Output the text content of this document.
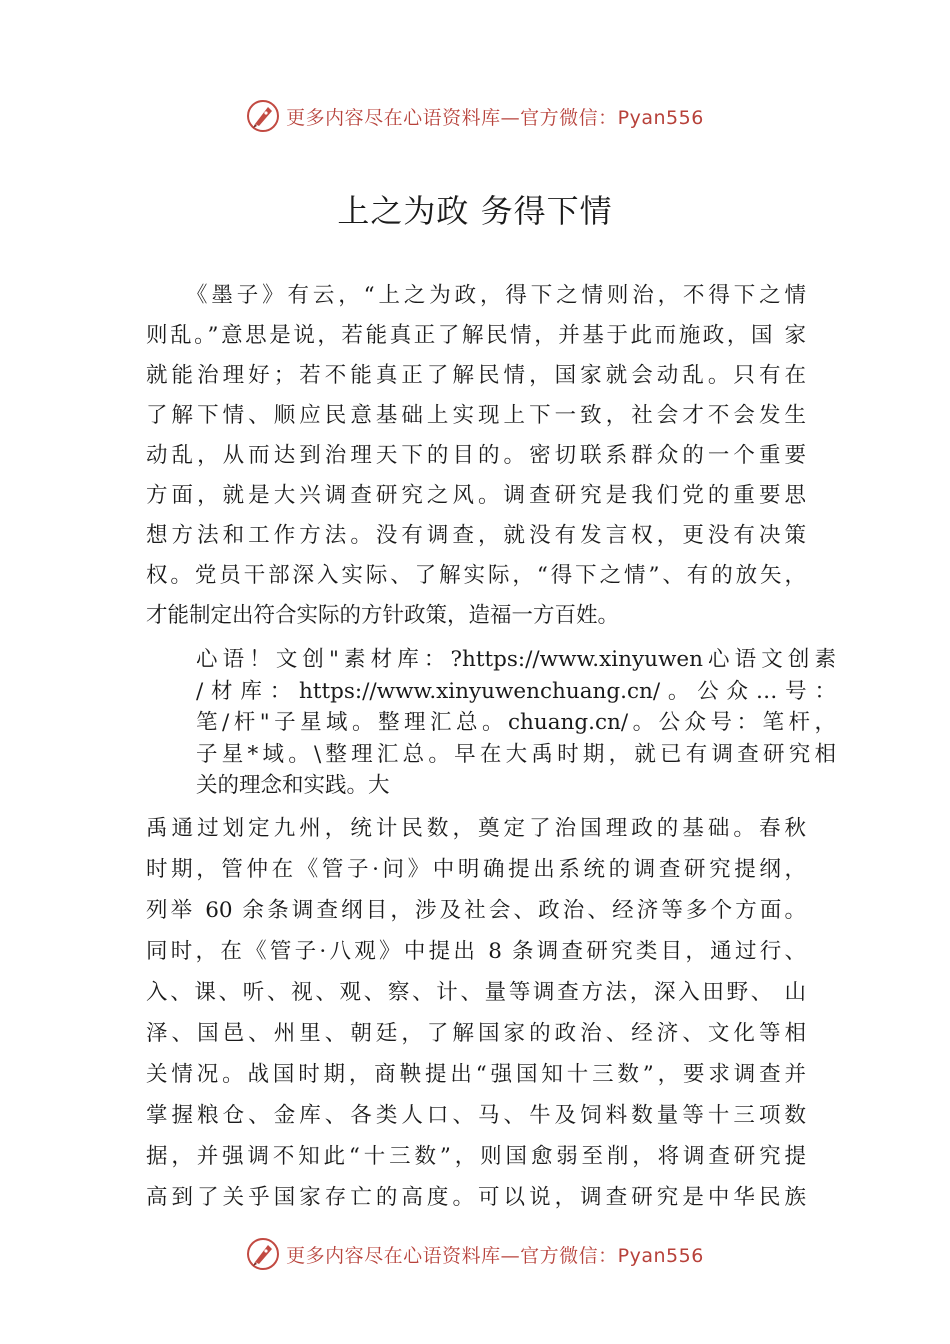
更多内容尽在心语资料库—官方微信：Pyan556
上之为政 务得下情
　　《墨子》有云，“上之为政，得下之情则治，不得下之情
则乱。”意思是说，若能真正了解民情，并基于此而施政，国 家
就能治理好；若不能真正了解民情，国家就会动乱。只有在
了解下情、顺应民意基础上实现上下一致，社会才不会发生
动乱，从而达到治理天下的目的。密切联系群众的一个重要
方面，就是大兴调查研究之风。调查研究是我们党的重要思
想方法和工作方法。没有调查，就没有发言权，更没有决策
权。党员干部深入实际、了解实际，“得下之情”、有的放矢，
才能制定出符合实际的方针政策，造福一方百姓。
心语！文创"素材库：?https://www.xinyuwen心语文创素
/材库：https://www.xinyuwenchuang.cn/。公众…号：
笔/杆"子星域。整理汇总。chuang.cn/。公众号：笔杆，
子星*域。\整理汇总。早在大禹时期，就已有调查研究相
关的理念和实践。大
禹通过划定九州，统计民数，奠定了治国理政的基础。春秋
时期，管仲在《管子·问》中明确提出系统的调查研究提纲，
列举 60 余条调查纲目，涉及社会、政治、经济等多个方面。
同时，在《管子·八观》中提出 8 条调查研究类目，通过行、
入、课、听、视、观、察、计、量等调查方法，深入田野、 山
泽、国邑、州里、朝廷，了解国家的政治、经济、文化等相
关情况。战国时期，商鞅提出“强国知十三数”，要求调查并
掌握粮仓、金库、各类人口、马、牛及饲料数量等十三项数
据，并强调不知此“十三数”，则国愈弱至削，将调查研究提
高到了关乎国家存亡的高度。可以说，调查研究是中华民族
更多内容尽在心语资料库—官方微信：Pyan556
